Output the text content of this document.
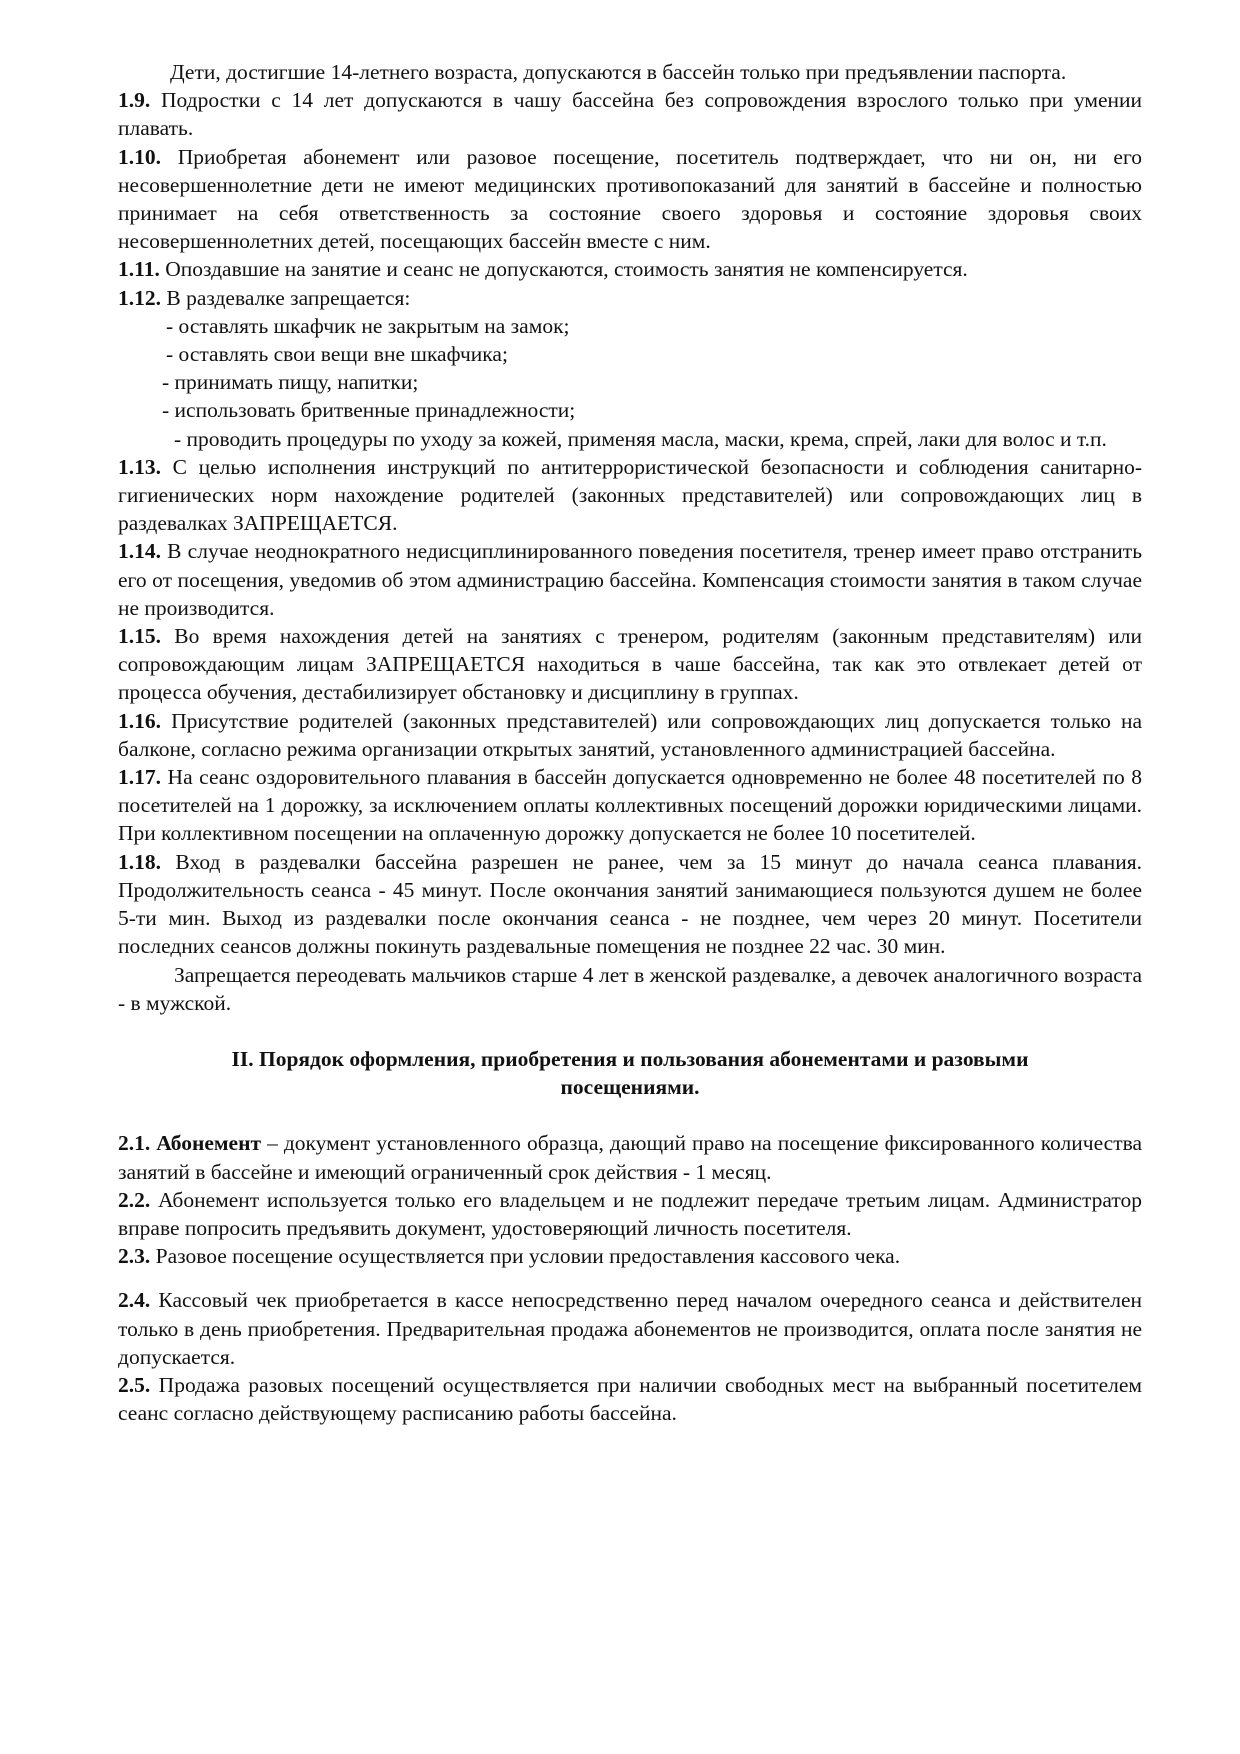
Дети, достигшие 14-летнего возраста, допускаются в бассейн только при предъявлении паспорта.

1.9. Подростки с 14 лет допускаются в чашу бассейна без сопровождения взрослого только при умении плавать.

1.10. Приобретая абонемент или разовое посещение, посетитель подтверждает, что ни он, ни его несовершеннолетние дети не имеют медицинских противопоказаний для занятий в бассейне и полностью принимает на себя ответственность за состояние своего здоровья и состояние здоровья своих несовершеннолетних детей, посещающих бассейн вместе с ним.

1.11. Опоздавшие на занятие и сеанс не допускаются, стоимость занятия не компенсируется.

1.12. В раздевалке запрещается:

- оставлять шкафчик не закрытым на замок;

- оставлять свои вещи вне шкафчика;

- принимать пищу, напитки;

- использовать бритвенные принадлежности;

- проводить процедуры по уходу за кожей, применяя масла, маски, крема, спрей, лаки для волос и т.п.

1.13. С целью исполнения инструкций по антитеррористической безопасности и соблюдения санитарно-гигиенических норм нахождение родителей (законных представителей) или сопровождающих лиц в раздевалках ЗАПРЕЩАЕТСЯ.

1.14. В случае неоднократного недисциплинированного поведения посетителя, тренер имеет право отстранить его от посещения, уведомив об этом администрацию бассейна. Компенсация стоимости занятия в таком случае не производится.

1.15. Во время нахождения детей на занятиях с тренером, родителям (законным представителям) или сопровождающим лицам ЗАПРЕЩАЕТСЯ находиться в чаше бассейна, так как это отвлекает детей от процесса обучения, дестабилизирует обстановку и дисциплину в группах.

1.16. Присутствие родителей (законных представителей) или сопровождающих лиц допускается только на балконе, согласно режима организации открытых занятий, установленного администрацией бассейна.

1.17. На сеанс оздоровительного плавания в бассейн допускается одновременно не более 48 посетителей по 8 посетителей на 1 дорожку, за исключением оплаты коллективных посещений дорожки юридическими лицами. При коллективном посещении на оплаченную дорожку допускается не более 10 посетителей.

1.18. Вход в раздевалки бассейна разрешен не ранее, чем за 15 минут до начала сеанса плавания. Продолжительность сеанса - 45 минут. После окончания занятий занимающиеся пользуются душем не более 5-ти мин. Выход из раздевалки после окончания сеанса - не позднее, чем через 20 минут. Посетители последних сеансов должны покинуть раздевальные помещения не позднее 22 час. 30 мин.

Запрещается переодевать мальчиков старше 4 лет в женской раздевалке, а девочек аналогичного возраста - в мужской.

II. Порядок оформления, приобретения и пользования абонементами и разовыми
посещениями.

2.1. Абонемент – документ установленного образца, дающий право на посещение фиксированного количества занятий в бассейне и имеющий ограниченный срок действия - 1 месяц.

2.2. Абонемент используется только его владельцем и не подлежит передаче третьим лицам. Администратор вправе попросить предъявить документ, удостоверяющий личность посетителя.

2.3. Разовое посещение осуществляется при условии предоставления кассового чека.

2.4. Кассовый чек приобретается в кассе непосредственно перед началом очередного сеанса и действителен только в день приобретения. Предварительная продажа абонементов не производится, оплата после занятия не допускается.

2.5. Продажа разовых посещений осуществляется при наличии свободных мест на выбранный посетителем сеанс согласно действующему расписанию работы бассейна.
